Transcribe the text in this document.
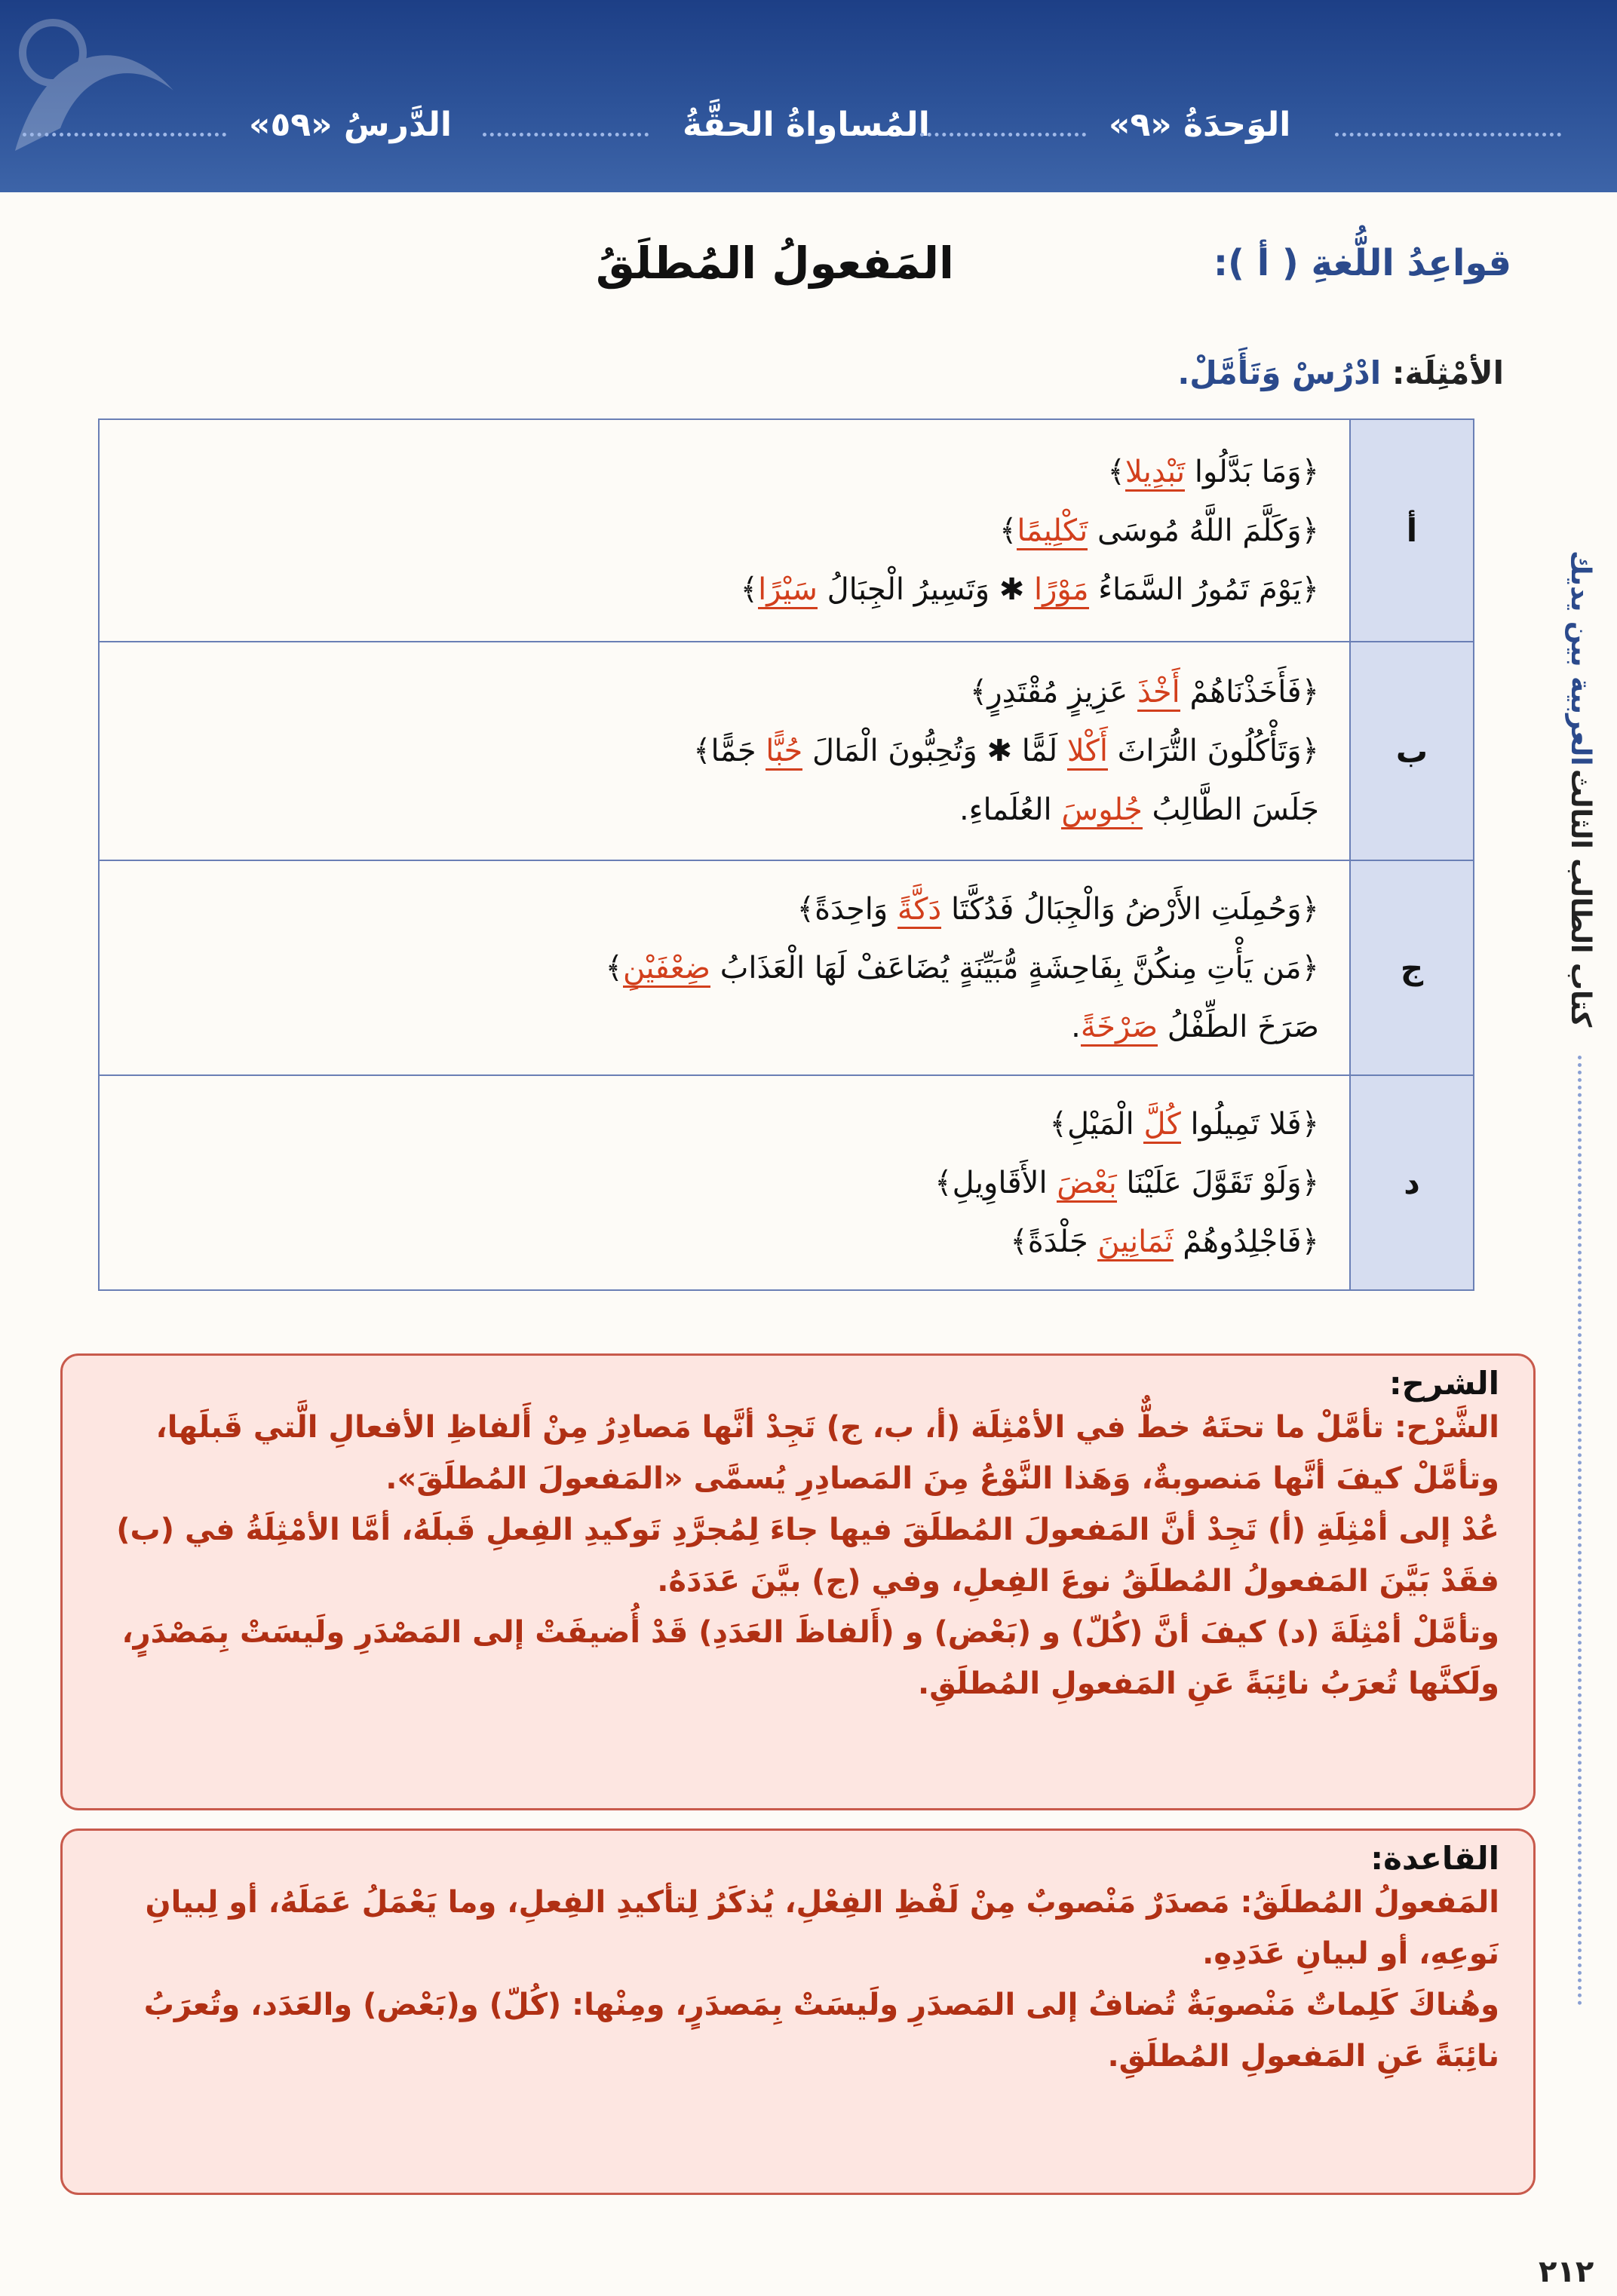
الدَّرسُ «٥٩»	المُساواةُ الحقَّةُ	الوَحدَةُ «٩»
المَفعولُ المُطلَقُ	قواعِدُ اللُّغةِ ( أ ):
الأمْثِلَة: ادْرُسْ وَتَأَمَّلْ.
أ	﴿وَمَا بَدَّلُوا تَبْدِيلا﴾
﴿وَكَلَّمَ اللَّهُ مُوسَى تَكْلِيمًا﴾
﴿يَوْمَ تَمُورُ السَّمَاءُ مَوْرًا ✱ وَتَسِيرُ الْجِبَالُ سَيْرًا﴾

ب	﴿فَأَخَذْنَاهُمْ أَخْذَ عَزِيزٍ مُقْتَدِرٍ﴾
﴿وَتَأْكُلُونَ التُّرَاثَ أَكْلا لَمًّا ✱ وَتُحِبُّونَ الْمَالَ حُبًّا جَمًّا﴾
جَلَسَ الطَّالِبُ جُلوسَ العُلَماءِ.

ج	﴿وَحُمِلَتِ الأَرْضُ وَالْجِبَالُ فَدُكَّتَا دَكَّةً وَاحِدَةً﴾
﴿مَن يَأْتِ مِنكُنَّ بِفَاحِشَةٍ مُّبَيِّنَةٍ يُضَاعَفْ لَهَا الْعَذَابُ ضِعْفَيْنِ﴾
صَرَخَ الطِّفْلُ صَرْخَةً.

د	﴿فَلا تَمِيلُوا كُلَّ الْمَيْلِ﴾
﴿وَلَوْ تَقَوَّلَ عَلَيْنَا بَعْضَ الأَقَاوِيلِ﴾
﴿فَاجْلِدُوهُمْ ثَمَانِينَ جَلْدَةً﴾
الشرح:
الشَّرْح: تأمَّلْ ما تحتَهُ خطٌّ في الأمْثِلَة (أ، ب، ج) تَجِدْ أنَّها مَصادِرُ مِنْ أَلفاظِ الأفعالِ الَّتي قَبلَها، وتأمَّلْ كيفَ أنَّها مَنصوبةٌ، وَهَذا النَّوْعُ مِنَ المَصادِرِ يُسمَّى «المَفعولَ المُطلَقَ».
عُدْ إلى أمْثِلَةِ (أ) تَجِدْ أنَّ المَفعولَ المُطلَقَ فيها جاءَ لِمُجرَّدِ تَوكيدِ الفِعلِ قَبلَهُ، أمَّا الأمْثِلَةُ في (ب) فقَدْ بَيَّنَ المَفعولُ المُطلَقُ نوعَ الفِعلِ، وفي (ج) بيَّنَ عَدَدَهُ.
وتأمَّلْ أمْثِلَةَ (د) كيفَ أنَّ (كُلّ) و (بَعْض) و (أَلفاظَ العَدَدِ) قَدْ أُضيفَتْ إلى المَصْدَرِ ولَيسَتْ بِمَصْدَرٍ، ولَكنَّها تُعرَبُ نائِبَةً عَنِ المَفعولِ المُطلَقِ.
القاعدة:
المَفعولُ المُطلَقُ: مَصدَرٌ مَنْصوبٌ مِنْ لَفْظِ الفِعْلِ، يُذكَرُ لِتأكيدِ الفِعلِ، وما يَعْمَلُ عَمَلَهُ، أو لِبيانِ نَوعِهِ، أو لبيانِ عَدَدِهِ.
وهُناكَ كَلِماتٌ مَنْصوبَةٌ تُضافُ إلى المَصدَرِ ولَيسَتْ بِمَصدَرٍ، ومِنْها: (كُلّ) و(بَعْض) والعَدَد، وتُعرَبُ نائِبَةً عَنِ المَفعولِ المُطلَقِ.
العربية بين يديك
كتاب الطالب الثالث
٢١٢
